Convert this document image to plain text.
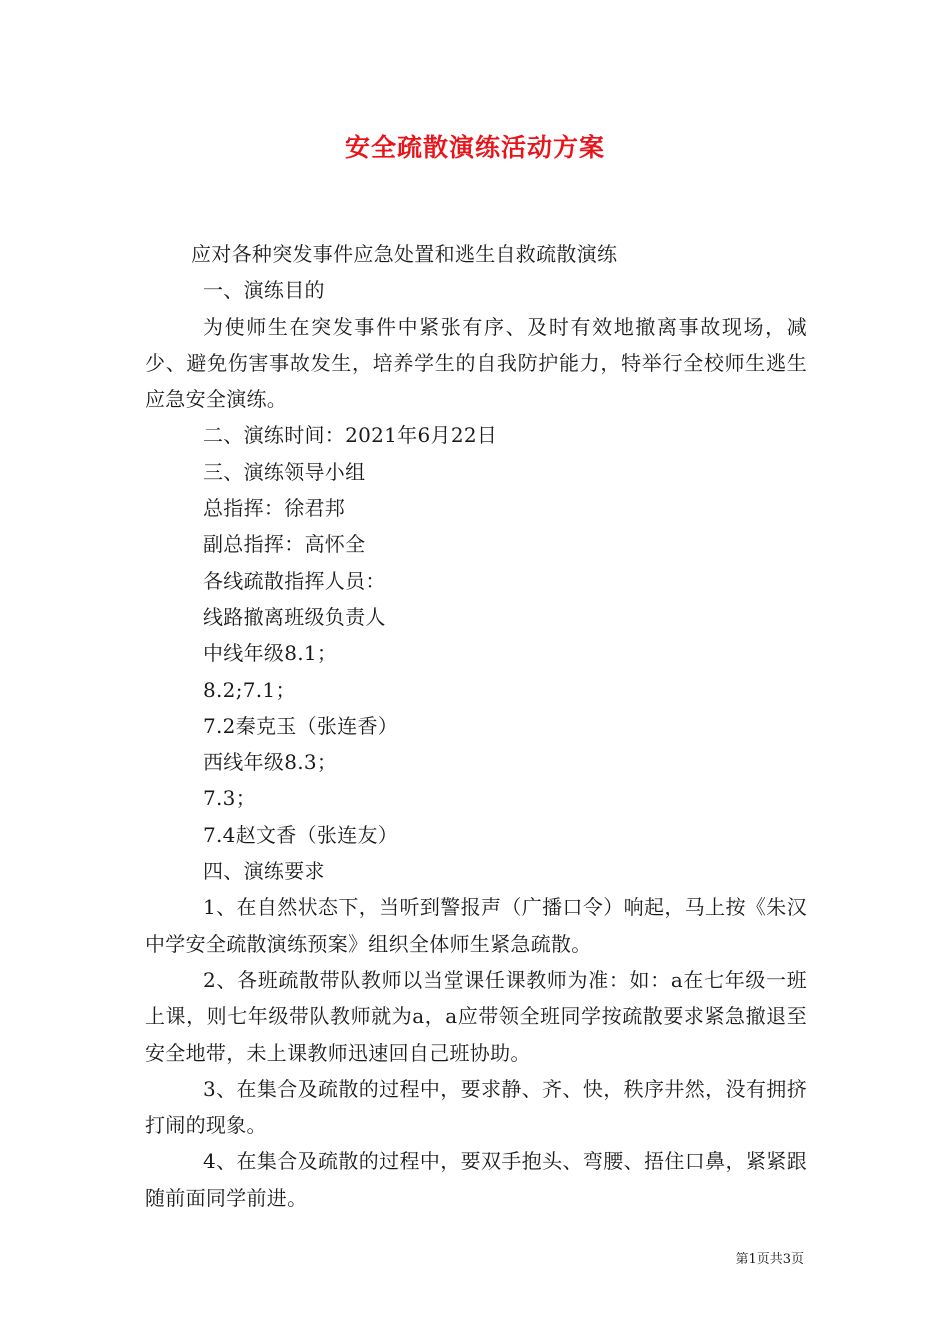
安全疏散演练活动方案

应对各种突发事件应急处置和逃生自救疏散演练

一、演练目的

为使师生在突发事件中紧张有序、及时有效地撤离事故现场，减少、避免伤害事故发生，培养学生的自我防护能力，特举行全校师生逃生应急安全演练。

二、演练时间：2021年6月22日

三、演练领导小组

总指挥：徐君邦

副总指挥：高怀全

各线疏散指挥人员：

线路撤离班级负责人

中线年级8.1；

8.2;7.1；

7.2秦克玉（张连香）

西线年级8.3；

7.3；

7.4赵文香（张连友）

四、演练要求

1、在自然状态下，当听到警报声（广播口令）响起，马上按《朱汉中学安全疏散演练预案》组织全体师生紧急疏散。

2、各班疏散带队教师以当堂课任课教师为准：如：a在七年级一班上课，则七年级带队教师就为a，a应带领全班同学按疏散要求紧急撤退至安全地带，未上课教师迅速回自己班协助。

3、在集合及疏散的过程中，要求静、齐、快，秩序井然，没有拥挤打闹的现象。

4、在集合及疏散的过程中，要双手抱头、弯腰、捂住口鼻，紧紧跟随前面同学前进。

第1页共3页
